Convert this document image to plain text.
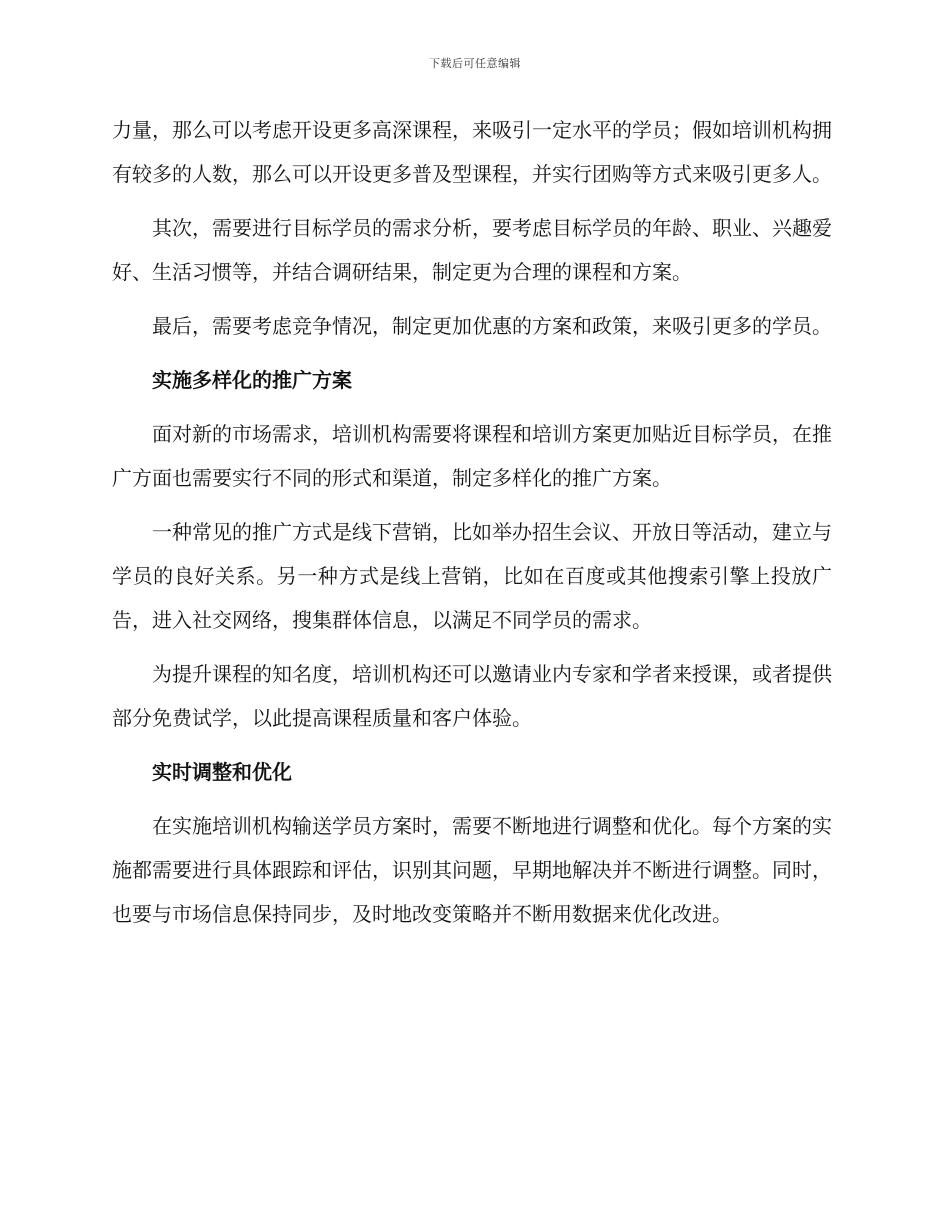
下载后可任意编辑

力量，那么可以考虑开设更多高深课程，来吸引一定水平的学员；假如培训机构拥有较多的人数，那么可以开设更多普及型课程，并实行团购等方式来吸引更多人。

其次，需要进行目标学员的需求分析，要考虑目标学员的年龄、职业、兴趣爱好、生活习惯等，并结合调研结果，制定更为合理的课程和方案。

最后，需要考虑竞争情况，制定更加优惠的方案和政策，来吸引更多的学员。

实施多样化的推广方案

面对新的市场需求，培训机构需要将课程和培训方案更加贴近目标学员，在推广方面也需要实行不同的形式和渠道，制定多样化的推广方案。

一种常见的推广方式是线下营销，比如举办招生会议、开放日等活动，建立与学员的良好关系。另一种方式是线上营销，比如在百度或其他搜索引擎上投放广告，进入社交网络，搜集群体信息，以满足不同学员的需求。

为提升课程的知名度，培训机构还可以邀请业内专家和学者来授课，或者提供部分免费试学，以此提高课程质量和客户体验。

实时调整和优化

在实施培训机构输送学员方案时，需要不断地进行调整和优化。每个方案的实施都需要进行具体跟踪和评估，识别其问题，早期地解决并不断进行调整。同时，也要与市场信息保持同步，及时地改变策略并不断用数据来优化改进。
